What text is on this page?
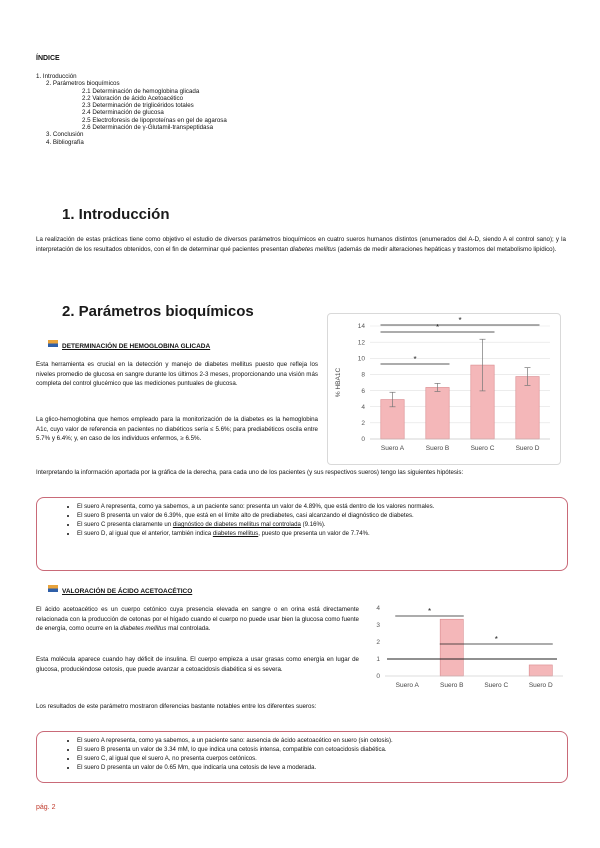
ÍNDICE
1. Introducción
2. Parámetros bioquímicos
2.1 Determinación de hemoglobina glicada
2.2 Valoración de ácido Acetoacético
2.3 Determinación de triglicéridos totales
2.4 Determinación de glucosa
2.5 Electroforesis de lipoproteínas en gel de agarosa
2.6 Determinación de γ-Glutamil-transpeptidasa
3. Conclusión
4. Bibliografía
1. Introducción
La realización de estas prácticas tiene como objetivo el estudio de diversos parámetros bioquímicos en cuatro sueros humanos distintos (enumerados del A-D, siendo A el control sano); y la interpretación de los resultados obtenidos, con el fin de determinar qué pacientes presentan diabetes mellitus (además de medir alteraciones hepáticas y trastornos del metabolismo lipídico).
2. Parámetros bioquímicos
DETERMINACIÓN DE HEMOGLOBINA GLICADA
Esta herramienta es crucial en la detección y manejo de diabetes mellitus puesto que refleja los niveles promedio de glucosa en sangre durante los últimos 2-3 meses, proporcionando una visión más completa del control glucémico que las mediciones puntuales de glucosa.
La glico-hemoglobina que hemos empleado para la monitorización de la diabetes es la hemoglobina A1c, cuyo valor de referencia en pacientes no diabéticos sería ≤ 5.6%; para prediabéticos oscila entre 5.7% y 6.4%; y, en caso de los individuos enfermos, ≥ 6.5%.	0
2
4
6
8
10
12
14
% HBA1C
Suero A	Suero B	Suero C	Suero D
*
*
*
Interpretando la información aportada por la gráfica de la derecha, para cada uno de los pacientes (y sus respectivos sueros) tengo las siguientes hipótesis:
• El suero A representa, como ya sabemos, a un paciente sano: presenta un valor de 4.89%, que está dentro de los valores normales.
• El suero B presenta un valor de 6.39%, que está en el límite alto de prediabetes, casi alcanzando el diagnóstico de diabetes.
• El suero C presenta claramente un diagnóstico de diabetes mellitus mal controlada (9.16%).
• El suero D, al igual que el anterior, también indica diabetes mellitus, puesto que presenta un valor de 7.74%.
VALORACIÓN DE ÁCIDO ACETOACÉTICO
El ácido acetoacético es un cuerpo cetónico cuya presencia elevada en sangre o en orina está directamente relacionada con la producción de cetonas por el hígado cuando el cuerpo no puede usar bien la glucosa como fuente de energía, como ocurre en la diabetes mellitus mal controlada.
Esta molécula aparece cuando hay déficit de insulina. El cuerpo empieza a usar grasas como energía en lugar de glucosa, produciéndose cetosis, que puede avanzar a cetoacidosis diabética si es severa.
Los resultados de este parámetro mostraron diferencias bastante notables entre los diferentes sueros:
0
1
2
3
4
Suero A	Suero B	Suero C	Suero D
*
*
• El suero A representa, como ya sabemos, a un paciente sano: ausencia de ácido acetoacético en suero (sin cetosis).
• El suero B presenta un valor de 3.34 mM, lo que indica una cetosis intensa, compatible con cetoacidosis diabética.
• El suero C, al igual que el suero A, no presenta cuerpos cetónicos.
• El suero D presenta un valor de 0.65 Mm, que indicaría una cetosis de leve a moderada.
pág. 2
